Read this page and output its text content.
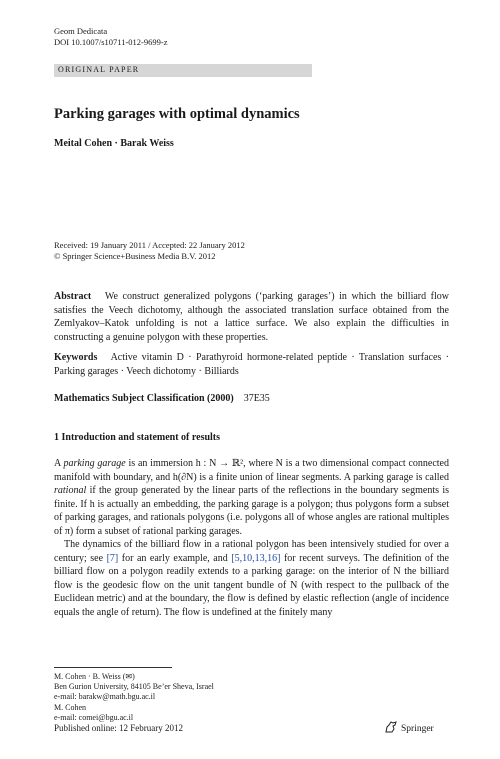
Geom Dedicata
DOI 10.1007/s10711-012-9699-z
ORIGINAL PAPER
Parking garages with optimal dynamics
Meital Cohen · Barak Weiss
Received: 19 January 2011 / Accepted: 22 January 2012
© Springer Science+Business Media B.V. 2012
Abstract We construct generalized polygons (‘parking garages’) in which the billiard flow satisfies the Veech dichotomy, although the associated translation surface obtained from the Zemlyakov–Katok unfolding is not a lattice surface. We also explain the difficulties in constructing a genuine polygon with these properties.
Keywords Active vitamin D · Parathyroid hormone-related peptide · Translation surfaces · Parking garages · Veech dichotomy · Billiards
Mathematics Subject Classification (2000) 37E35
1 Introduction and statement of results
A parking garage is an immersion h : N → ℝ², where N is a two dimensional compact connected manifold with boundary, and h(∂N) is a finite union of linear segments. A parking garage is called rational if the group generated by the linear parts of the reflections in the boundary segments is finite. If h is actually an embedding, the parking garage is a polygon; thus polygons form a subset of parking garages, and rationals polygons (i.e. polygons all of whose angles are rational multiples of π) form a subset of rational parking garages.
The dynamics of the billiard flow in a rational polygon has been intensively studied for over a century; see [7] for an early example, and [5,10,13,16] for recent surveys. The definition of the billiard flow on a polygon readily extends to a parking garage: on the interior of N the billiard flow is the geodesic flow on the unit tangent bundle of N (with respect to the pullback of the Euclidean metric) and at the boundary, the flow is defined by elastic reflection (angle of incidence equals the angle of return). The flow is undefined at the finitely many
M. Cohen · B. Weiss (✉)
Ben Gurion University, 84105 Be’er Sheva, Israel
e-mail: barakw@math.bgu.ac.il
M. Cohen
e-mail: comei@bgu.ac.il
Published online: 12 February 2012	Springer
